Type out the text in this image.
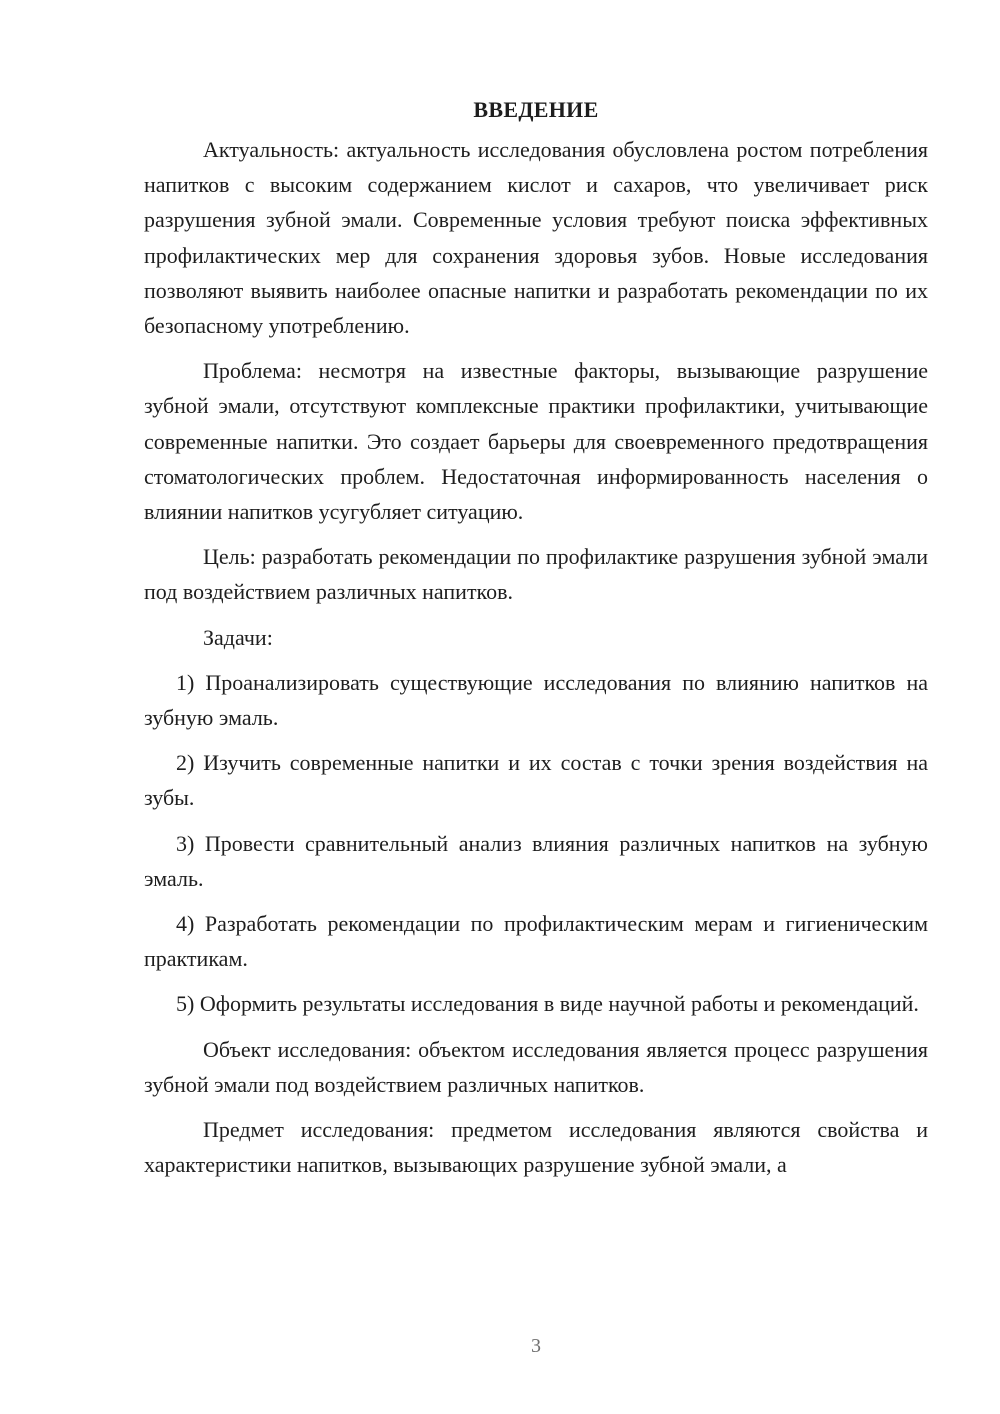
ВВЕДЕНИЕ

Актуальность: актуальность исследования обусловлена ростом потребления напитков с высоким содержанием кислот и сахаров, что увеличивает риск разрушения зубной эмали. Современные условия требуют поиска эффективных профилактических мер для сохранения здоровья зубов. Новые исследования позволяют выявить наиболее опасные напитки и разработать рекомендации по их безопасному употреблению.

Проблема: несмотря на известные факторы, вызывающие разрушение зубной эмали, отсутствуют комплексные практики профилактики, учитывающие современные напитки. Это создает барьеры для своевременного предотвращения стоматологических проблем. Недостаточная информированность населения о влиянии напитков усугубляет ситуацию.

Цель: разработать рекомендации по профилактике разрушения зубной эмали под воздействием различных напитков.

Задачи:

1) Проанализировать существующие исследования по влиянию напитков на зубную эмаль.

2) Изучить современные напитки и их состав с точки зрения воздействия на зубы.

3) Провести сравнительный анализ влияния различных напитков на зубную эмаль.

4) Разработать рекомендации по профилактическим мерам и гигиеническим практикам.

5) Оформить результаты исследования в виде научной работы и рекомендаций.

Объект исследования: объектом исследования является процесс разрушения зубной эмали под воздействием различных напитков.

Предмет исследования: предметом исследования являются свойства и характеристики напитков, вызывающих разрушение зубной эмали, а

3
